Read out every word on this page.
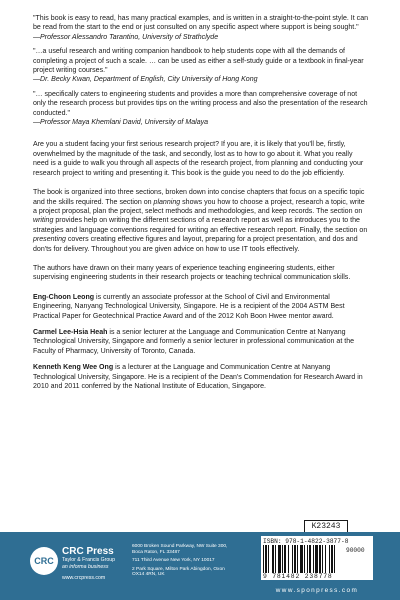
"This book is easy to read, has many practical examples, and is written in a straight-to-the-point style. It can be read from the start to the end or just consulted on any specific aspect where support is being sought."
—Professor Alessandro Tarantino, University of Strathclyde
"…a useful research and writing companion handbook to help students cope with all the demands of completing a project of such a scale. … can be used as either a self-study guide or a textbook in final-year project writing courses."
—Dr. Becky Kwan, Department of English, City University of Hong Kong
"… specifically caters to engineering students and provides a more than comprehensive coverage of not only the research process but provides tips on the writing process and also the presentation of the research conducted."
—Professor Maya Khemlani David, University of Malaya
Are you a student facing your first serious research project? If you are, it is likely that you'll be, firstly, overwhelmed by the magnitude of the task, and secondly, lost as to how to go about it. What you really need is a guide to walk you through all aspects of the research project, from planning and conducting your research project to writing and presenting it. This book is the guide you need to do the job efficiently.
The book is organized into three sections, broken down into concise chapters that focus on a specific topic and the skills required. The section on planning shows you how to choose a project, research a topic, write a project proposal, plan the project, select methods and methodologies, and keep records. The section on writing provides help on writing the different sections of a research report as well as introduces you to the strategies and language conventions required for writing an effective research report. Finally, the section on presenting covers creating effective figures and layout, preparing for a project presentation, and dos and don'ts for delivery. Throughout you are given advice on how to use IT tools effectively.
The authors have drawn on their many years of experience teaching engineering students, either supervising engineering students in their research projects or teaching technical communication skills.
Eng-Choon Leong is currently an associate professor at the School of Civil and Environmental Engineering, Nanyang Technological University, Singapore. He is a recipient of the 2004 ASTM Best Practical Paper for Geotechnical Practice Award and of the 2012 Koh Boon Hwee mentor award.
Carmel Lee-Hsia Heah is a senior lecturer at the Language and Communication Centre at Nanyang Technological University, Singapore and formerly a senior lecturer in professional communication at the Faculty of Pharmacy, University of Toronto, Canada.
Kenneth Keng Wee Ong is a lecturer at the Language and Communication Centre at Nanyang Technological University, Singapore. He is a recipient of the Dean's Commendation for Research Award in 2010 and 2011 conferred by the National Institute of Education, Singapore.
K23243
CRC
CRC Press
Taylor & Francis Group
an informa business
www.crcpress.com
6000 Broken Sound Parkway, NW Suite 300, Boca Raton, FL 33487
711 Third Avenue New York, NY 10017
2 Park Square, Milton Park Abingdon, Oxon OX14 4RN, UK
ISBN: 978-1-4822-3877-8
90000
9 781482 238778
www.sponpress.com
